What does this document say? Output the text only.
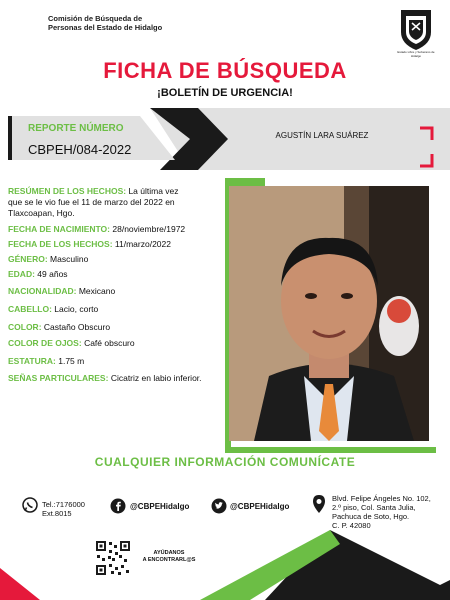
Comisión de Búsqueda de
Personas del Estado de Hidalgo
Estado Libre y Soberano de Hidalgo
FICHA DE BÚSQUEDA
¡BOLETÍN DE URGENCIA!
REPORTE NÚMERO
CBPEH/084-2022
AGUSTÍN LARA SUÁREZ
RESÚMEN DE LOS HECHOS: La última vez
que se le vio fue el 11 de marzo del 2022 en
Tlaxcoapan, Hgo.
FECHA DE NACIMIENTO: 28/noviembre/1972
FECHA DE LOS HECHOS: 11/marzo/2022
GÉNERO: Masculino
EDAD: 49 años
NACIONALIDAD: Mexicano
CABELLO: Lacio, corto
COLOR: Castaño Obscuro
COLOR DE OJOS: Café obscuro
ESTATURA: 1.75 m
SEÑAS PARTICULARES: Cicatriz en labio inferior.
CUALQUIER INFORMACIÓN COMUNÍCATE
Tel.:7176000
Ext.8015
@CBPEHidalgo	@CBPEHidalgo
Blvd. Felipe Ángeles No. 102,
2.º piso, Col. Santa Julia,
Pachuca de Soto, Hgo.
C. P. 42080
AYÚDANOS
A ENCONTRARL@S
